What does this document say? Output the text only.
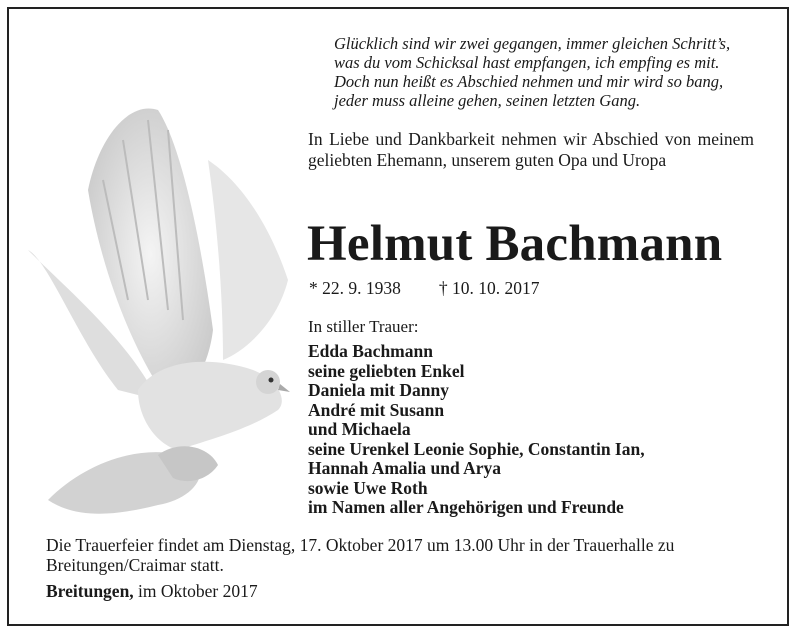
Glücklich sind wir zwei gegangen, immer gleichen Schritt’s,
was du vom Schicksal hast empfangen, ich empfing es mit.
Doch nun heißt es Abschied nehmen und mir wird so bang,
jeder muss alleine gehen, seinen letzten Gang.
In Liebe und Dankbarkeit nehmen wir Abschied von meinem geliebten Ehemann, unserem guten Opa und Uropa
Helmut Bachmann
* 22. 9. 1938 † 10. 10. 2017
In stiller Trauer:
Edda Bachmann
seine geliebten Enkel
Daniela mit Danny
André mit Susann
und Michaela
seine Urenkel Leonie Sophie, Constantin Ian,
Hannah Amalia und Arya
sowie Uwe Roth
im Namen aller Angehörigen und Freunde
Die Trauerfeier findet am Dienstag, 17. Oktober 2017 um 13.00 Uhr in der Trauerhalle zu Breitungen/Craimar statt.
Breitungen, im Oktober 2017
